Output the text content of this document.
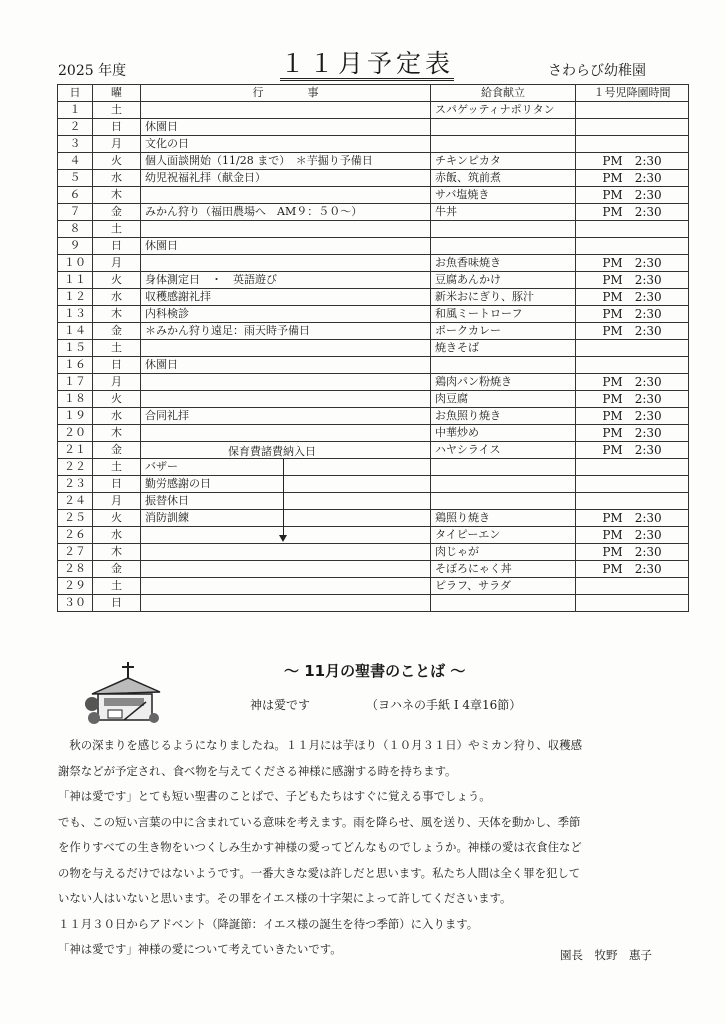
2025 年度	１１月予定表	さわらび幼稚園
日	曜	行　　　　事	給食献立	１号児降園時間
１	土		スパゲッティナポリタン	
２	日	休園日		
３	月	文化の日		
４	火	個人面談開始（11/28 まで）　＊芋掘り予備日	チキンピカタ	PM　2:30
５	水	幼児祝福礼拝（献金日）	赤飯、筑前煮	PM　2:30
６	木		サバ塩焼き	PM　2:30
７	金	みかん狩り（福田農場へ　AM９：５０～）	牛丼	PM　2:30
８	土			
９	日	休園日		
１０	月		お魚香味焼き	PM　2:30
１１	火	身体測定日　・　英語遊び	豆腐あんかけ	PM　2:30
１２	水	収穫感謝礼拝	新米おにぎり、豚汁	PM　2:30
１３	木	内科検診	和風ミートローフ	PM　2:30
１４	金	＊みかん狩り遠足：雨天時予備日	ポークカレー	PM　2:30
１５	土		焼きそば	
１６	日	休園日		
１７	月		鶏肉パン粉焼き	PM　2:30
１８	火		肉豆腐	PM　2:30
１９	水	合同礼拝	お魚照り焼き	PM　2:30
２０	木		中華炒め	PM　2:30
２１	金		ハヤシライス	PM　2:30
２２	土	バザー		
２３	日	勤労感謝の日		
２４	月	振替休日		
２５	火	消防訓練	鶏照り焼き	PM　2:30
２６	水		タイピーエン	PM　2:30
２７	木		肉じゃが	PM　2:30
２８	金		そぼろにゃく丼	PM　2:30
２９	土		ピラフ、サラダ	
３０	日			
保育費諸費納入日
～ 11月の聖書のことば ～
神は愛です	（ヨハネの手紙 Ⅰ 4章16節）

　秋の深まりを感じるようになりましたね。１１月には芋ほり（１０月３１日）やミカン狩り、収穫感

謝祭などが予定され、食べ物を与えてくださる神様に感謝する時を持ちます。

「神は愛です」とても短い聖書のことばで、子どもたちはすぐに覚える事でしょう。

でも、この短い言葉の中に含まれている意味を考えます。雨を降らせ、風を送り、天体を動かし、季節

を作りすべての生き物をいつくしみ生かす神様の愛ってどんなものでしょうか。神様の愛は衣食住など

の物を与えるだけではないようです。一番大きな愛は許しだと思います。私たち人間は全く罪を犯して

いない人はいないと思います。その罪をイエス様の十字架によって許してくださいます。

１１月３０日からアドベント（降誕節：イエス様の誕生を待つ季節）に入ります。

「神は愛です」神様の愛について考えていきたいです。	園長　牧野　惠子
